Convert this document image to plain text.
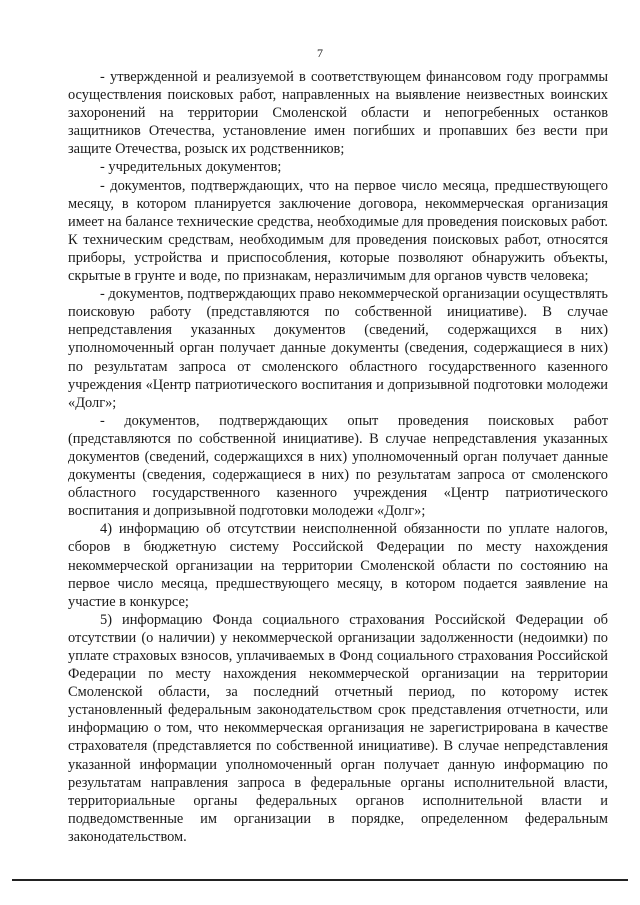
7

- утвержденной и реализуемой в соответствующем финансовом году программы осуществления поисковых работ, направленных на выявление неизвестных воинских захоронений на территории Смоленской области и непогребенных останков защитников Отечества, установление имен погибших и пропавших без вести при защите Отечества, розыск их родственников;

- учредительных документов;

- документов, подтверждающих, что на первое число месяца, предшествующего месяцу, в котором планируется заключение договора, некоммерческая организация имеет на балансе технические средства, необходимые для проведения поисковых работ. К техническим средствам, необходимым для проведения поисковых работ, относятся приборы, устройства и приспособления, которые позволяют обнаружить объекты, скрытые в грунте и воде, по признакам, неразличимым для органов чувств человека;

- документов, подтверждающих право некоммерческой организации осуществлять поисковую работу (представляются по собственной инициативе). В случае непредставления указанных документов (сведений, содержащихся в них) уполномоченный орган получает данные документы (сведения, содержащиеся в них) по результатам запроса от смоленского областного государственного казенного учреждения «Центр патриотического воспитания и допризывной подготовки молодежи «Долг»;

- документов, подтверждающих опыт проведения поисковых работ (представляются по собственной инициативе). В случае непредставления указанных документов (сведений, содержащихся в них) уполномоченный орган получает данные документы (сведения, содержащиеся в них) по результатам запроса от смоленского областного государственного казенного учреждения «Центр патриотического воспитания и допризывной подготовки молодежи «Долг»;

4) информацию об отсутствии неисполненной обязанности по уплате налогов, сборов в бюджетную систему Российской Федерации по месту нахождения некоммерческой организации на территории Смоленской области по состоянию на первое число месяца, предшествующего месяцу, в котором подается заявление на участие в конкурсе;

5) информацию Фонда социального страхования Российской Федерации об отсутствии (о наличии) у некоммерческой организации задолженности (недоимки) по уплате страховых взносов, уплачиваемых в Фонд социального страхования Российской Федерации по месту нахождения некоммерческой организации на территории Смоленской области, за последний отчетный период, по которому истек установленный федеральным законодательством срок представления отчетности, или информацию о том, что некоммерческая организация не зарегистрирована в качестве страхователя (представляется по собственной инициативе). В случае непредставления указанной информации уполномоченный орган получает данную информацию по результатам направления запроса в федеральные органы исполнительной власти, территориальные органы федеральных органов исполнительной власти и подведомственные им организации в порядке, определенном федеральным законодательством.
